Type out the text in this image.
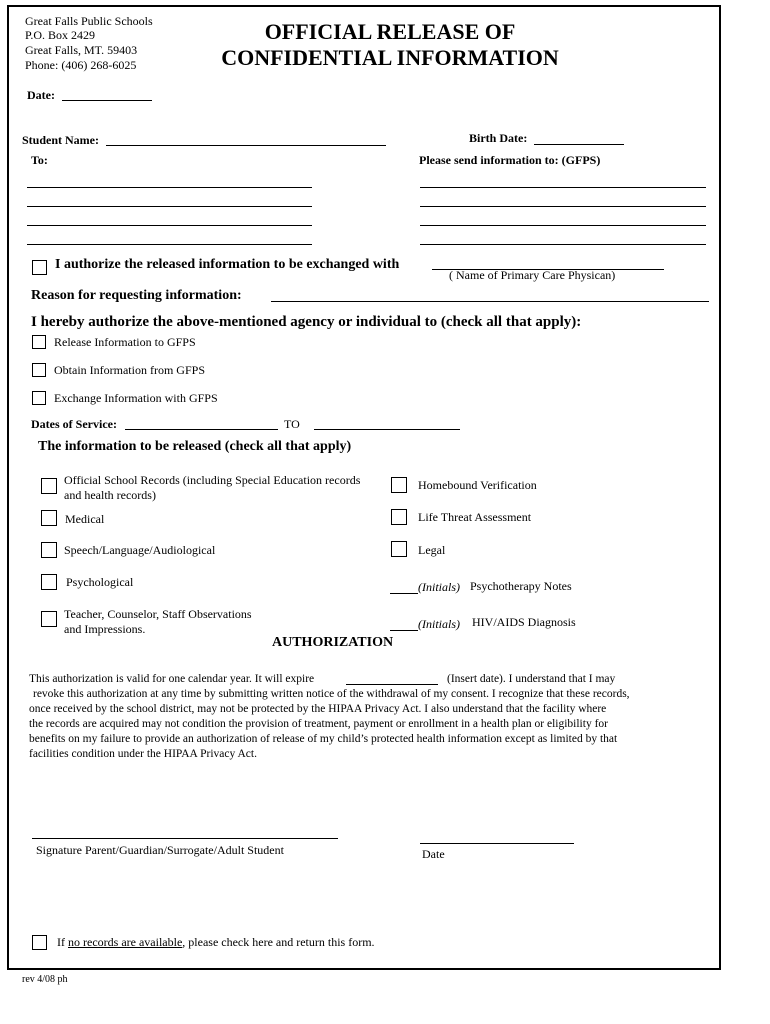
Great Falls Public Schools
P.O. Box 2429
Great Falls, MT. 59403
Phone: (406) 268-6025
OFFICIAL RELEASE OF
CONFIDENTIAL INFORMATION
Date:
Student Name:	Birth Date:
To:	Please send information to: (GFPS)
I authorize the released information to be exchanged with
( Name of Primary Care Physican)
Reason for requesting information:
I hereby authorize the above-mentioned agency or individual to (check all that apply):
Release Information to GFPS
Obtain Information from GFPS
Exchange Information with GFPS
Dates of Service:	TO
The information to be released (check all that apply)
Official School Records (including Special Education records
and health records)
Medical
Speech/Language/Audiological
Psychological
Teacher, Counselor, Staff Observations
and Impressions.
Homebound Verification
Life Threat Assessment
Legal
(Initials) Psychotherapy Notes
(Initials) HIV/AIDS Diagnosis
AUTHORIZATION
This authorization is valid for one calendar year. It will expire	(Insert date). I understand that I may
revoke this authorization at any time by submitting written notice of the withdrawal of my consent. I recognize that these records,
once received by the school district, may not be protected by the HIPAA Privacy Act. I also understand that the facility where
the records are acquired may not condition the provision of treatment, payment or enrollment in a health plan or eligibility for
benefits on my failure to provide an authorization of release of my child’s protected health information except as limited by that
facilities condition under the HIPAA Privacy Act.
Signature Parent/Guardian/Surrogate/Adult Student	Date
If no records are available, please check here and return this form.
rev 4/08 ph
